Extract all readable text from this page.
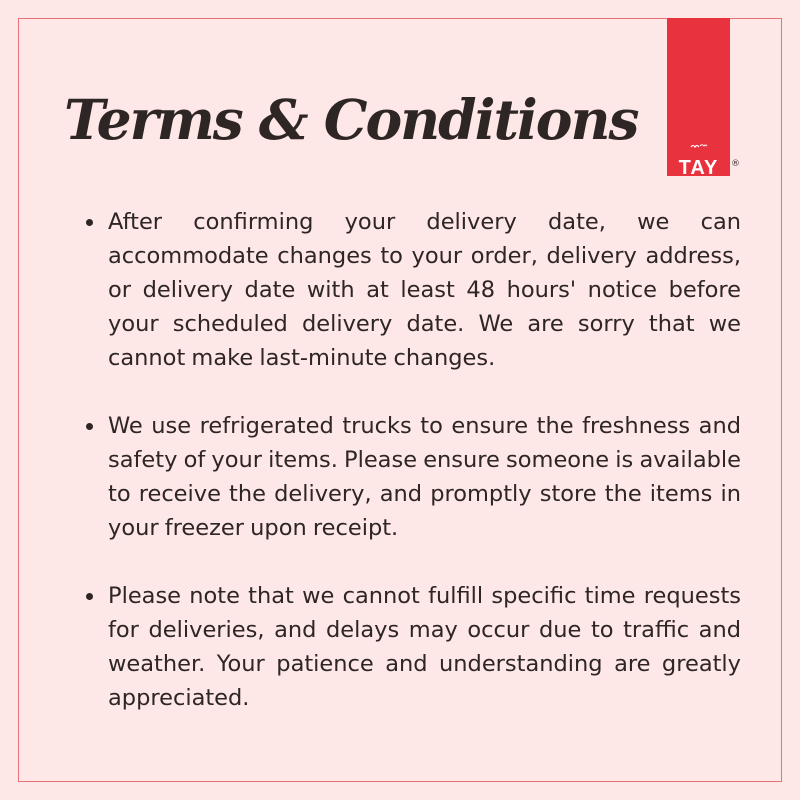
Terms & Conditions
TAY	®
After confirming your delivery date, we can accommodate changes to your order, delivery address, or delivery date with at least 48 hours' notice before your scheduled delivery date. We are sorry that we cannot make last-minute changes.
We use refrigerated trucks to ensure the freshness and safety of your items. Please ensure someone is available to receive the delivery, and promptly store the items in your freezer upon receipt.
Please note that we cannot fulfill specific time requests for deliveries, and delays may occur due to traffic and weather. Your patience and understanding are greatly appreciated.
